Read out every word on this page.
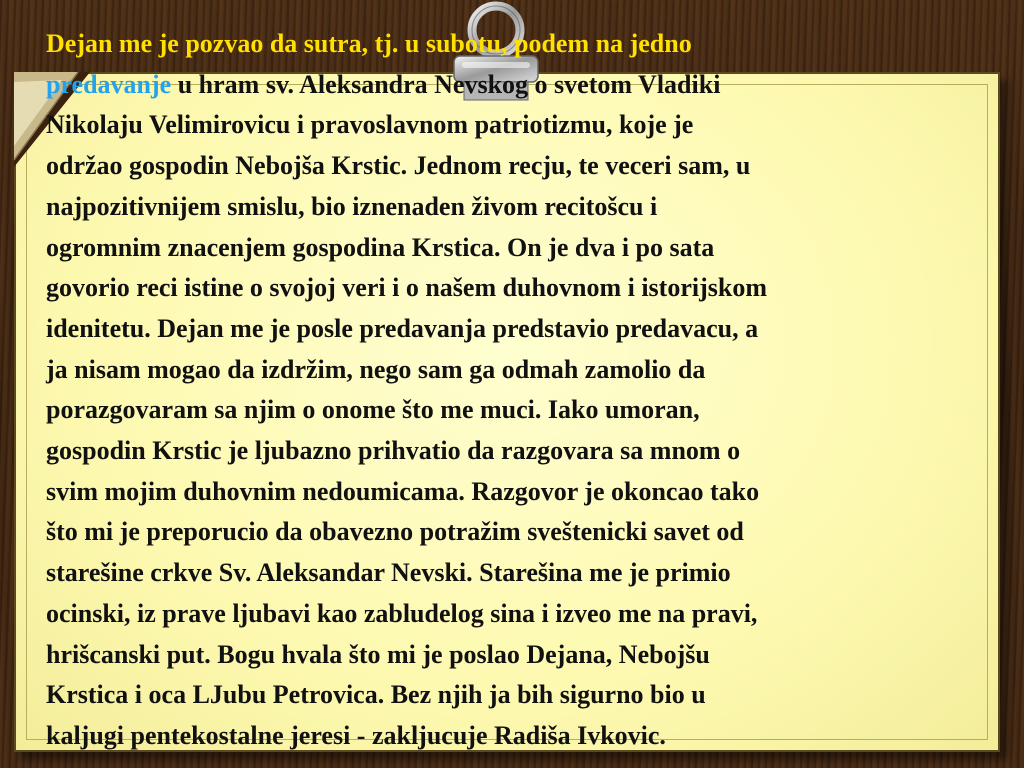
Dejan me je pozvao da sutra, tj. u subotu, podem na jedno
predavanje u hram sv. Aleksandra Nevskog o svetom Vladiki
Nikolaju Velimirovicu i pravoslavnom patriotizmu, koje je
održao gospodin Nebojša Krstic. Jednom recju, te veceri sam, u
najpozitivnijem smislu, bio iznenaden živom recitošcu i
ogromnim znacenjem gospodina Krstica. On je dva i po sata
govorio reci istine o svojoj veri i o našem duhovnom i istorijskom
idenitetu. Dejan me je posle predavanja predstavio predavacu, a
ja nisam mogao da izdržim, nego sam ga odmah zamolio da
porazgovaram sa njim o onome što me muci. Iako umoran,
gospodin Krstic je ljubazno prihvatio da razgovara sa mnom o
svim mojim duhovnim nedoumicama. Razgovor je okoncao tako
što mi je preporucio da obavezno potražim sveštenicki savet od
starešine crkve Sv. Aleksandar Nevski. Starešina me je primio
ocinski, iz prave ljubavi kao zabludelog sina i izveo me na pravi,
hrišcanski put. Bogu hvala što mi je poslao Dejana, Nebojšu
Krstica i oca LJubu Petrovica. Bez njih ja bih sigurno bio u
kaljugi pentekostalne jeresi - zakljucuje Radiša Ivkovic.
